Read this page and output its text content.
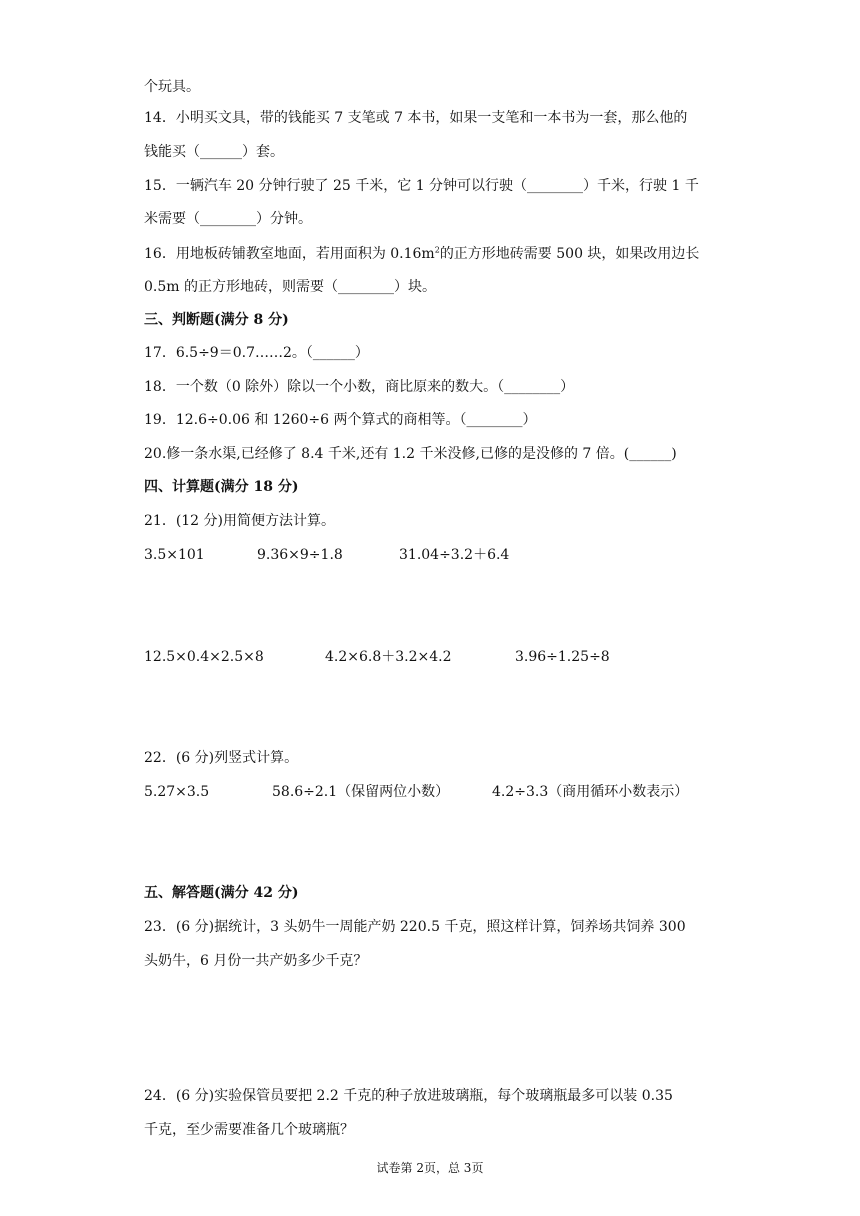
个玩具。
14．小明买文具，带的钱能买 7 支笔或 7 本书，如果一支笔和一本书为一套，那么他的
钱能买（______）套。
15．一辆汽车 20 分钟行驶了 25 千米，它 1 分钟可以行驶（________）千米，行驶 1 千
米需要（________）分钟。
16．用地板砖铺教室地面，若用面积为 $0.16m^2$的正方形地砖需要 500 块，如果改用边长
0.5m 的正方形地砖，则需要（________）块。
三、判断题(满分 8 分)
17．6.5÷9＝0.7……2。（______）
18．一个数（0 除外）除以一个小数，商比原来的数大。（________）
19．12.6÷0.06 和 1260÷6 两个算式的商相等。（________）
20.修一条水渠,已经修了 8.4 千米,还有 1.2 千米没修,已修的是没修的 7 倍。(______)
四、计算题(满分 18 分)
21．(12 分)用简便方法计算。

3.5×101

	9.36×9÷1.8

	31.04÷3.2＋6.4

12.5×0.4×2.5×8

	4.2×6.8＋3.2×4.2

	3.96÷1.25÷8

22．(6 分)列竖式计算。

5.27×3.5

	58.6÷2.1（保留两位小数）

	4.2÷3.3（商用循环小数表示）

五、解答题(满分 42 分)
23．(6 分)据统计，3 头奶牛一周能产奶 220.5 千克，照这样计算，饲养场共饲养 300
头奶牛，6 月份一共产奶多少千克？
24．(6 分)实验保管员要把 2.2 千克的种子放进玻璃瓶，每个玻璃瓶最多可以装 0.35
千克，至少需要准备几个玻璃瓶？
试卷第 2页，总 3页
